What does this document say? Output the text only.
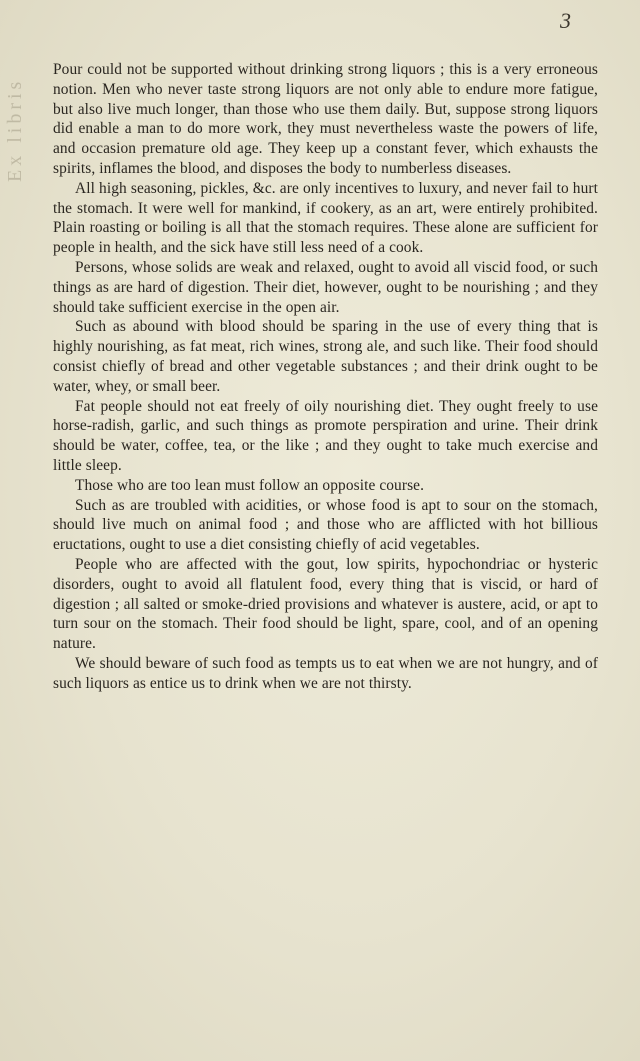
Ex libris
3

Pour could not be supported without drinking strong liquors ; this is a very erroneous notion. Men who never taste strong liquors are not only able to endure more fatigue, but also live much longer, than those who use them daily. But, suppose strong liquors did enable a man to do more work, they must nevertheless waste the powers of life, and occasion premature old age. They keep up a constant fever, which exhausts the spirits, inflames the blood, and disposes the body to numberless diseases.

All high seasoning, pickles, &c. are only incentives to luxury, and never fail to hurt the stomach. It were well for mankind, if cookery, as an art, were entirely prohibited. Plain roasting or boiling is all that the stomach requires. These alone are sufficient for people in health, and the sick have still less need of a cook.

Persons, whose solids are weak and relaxed, ought to avoid all viscid food, or such things as are hard of digestion. Their diet, however, ought to be nourishing ; and they should take sufficient exercise in the open air.

Such as abound with blood should be sparing in the use of every thing that is highly nourishing, as fat meat, rich wines, strong ale, and such like. Their food should consist chiefly of bread and other vegetable substances ; and their drink ought to be water, whey, or small beer.

Fat people should not eat freely of oily nourishing diet. They ought freely to use horse-radish, garlic, and such things as promote perspiration and urine. Their drink should be water, coffee, tea, or the like ; and they ought to take much exercise and little sleep.

Those who are too lean must follow an opposite course.

Such as are troubled with acidities, or whose food is apt to sour on the stomach, should live much on animal food ; and those who are afflicted with hot billious eructations, ought to use a diet consisting chiefly of acid vegetables.

People who are affected with the gout, low spirits, hypochondriac or hysteric disorders, ought to avoid all flatulent food, every thing that is viscid, or hard of digestion ; all salted or smoke-dried provisions and whatever is austere, acid, or apt to turn sour on the stomach. Their food should be light, spare, cool, and of an opening nature.

We should beware of such food as tempts us to eat when we are not hungry, and of such liquors as entice us to drink when we are not thirsty.
